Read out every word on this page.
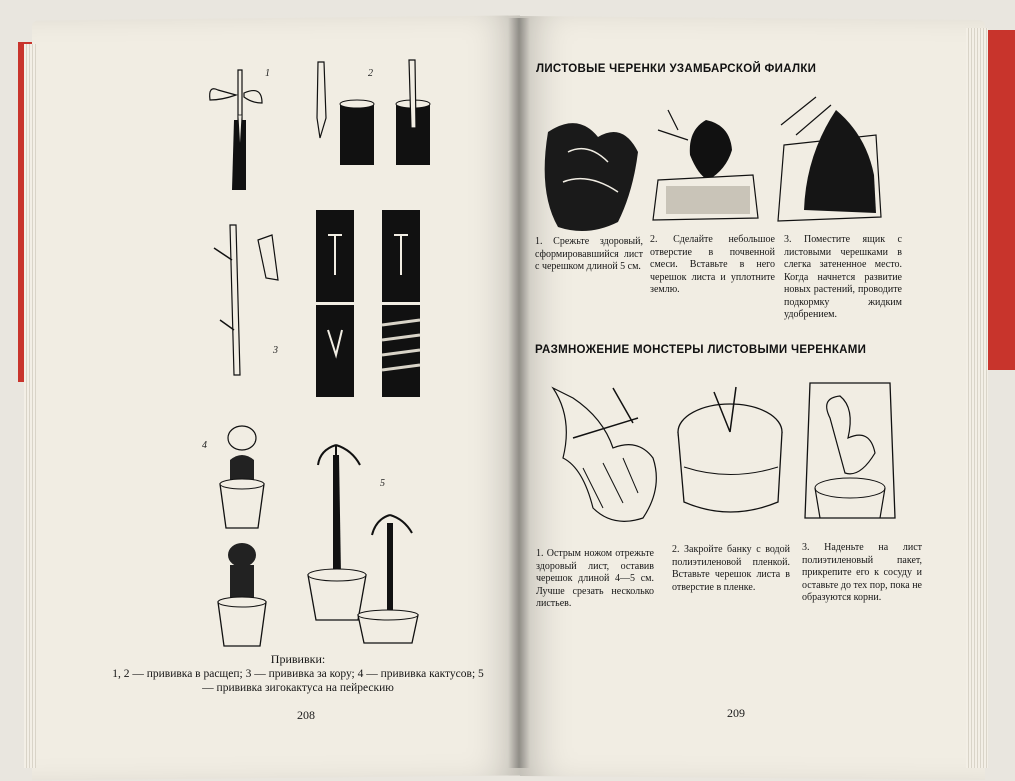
1	2
3
4
5
Прививки:
1, 2 — прививка в расщеп; 3 — прививка за кору; 4 — прививка кактусов; 5 — прививка зигокактуса на пейрескию
208
ЛИСТОВЫЕ ЧЕРЕНКИ УЗАМБАРСКОЙ ФИАЛКИ
1. Срежьте здоровый, сформировавшийся лист с черешком длиной 5 см.
2. Сделайте небольшое отверстие в почвенной смеси. Вставьте в него черешок листа и уплотните землю.
3. Поместите ящик с листовыми черешками в слегка затененное место. Когда начнется развитие новых растений, проводите подкормку жидким удобрением.
РАЗМНОЖЕНИЕ МОНСТЕРЫ ЛИСТОВЫМИ ЧЕРЕНКАМИ
1. Острым ножом отрежьте здоровый лист, оставив черешок длиной 4—5 см. Лучше срезать несколько листьев.
2. Закройте банку с водой полиэтиленовой пленкой. Вставьте черешок листа в отверстие в пленке.
3. Наденьте на лист полиэтиленовый пакет, прикрепите его к сосуду и оставьте до тех пор, пока не образуются корни.
209
